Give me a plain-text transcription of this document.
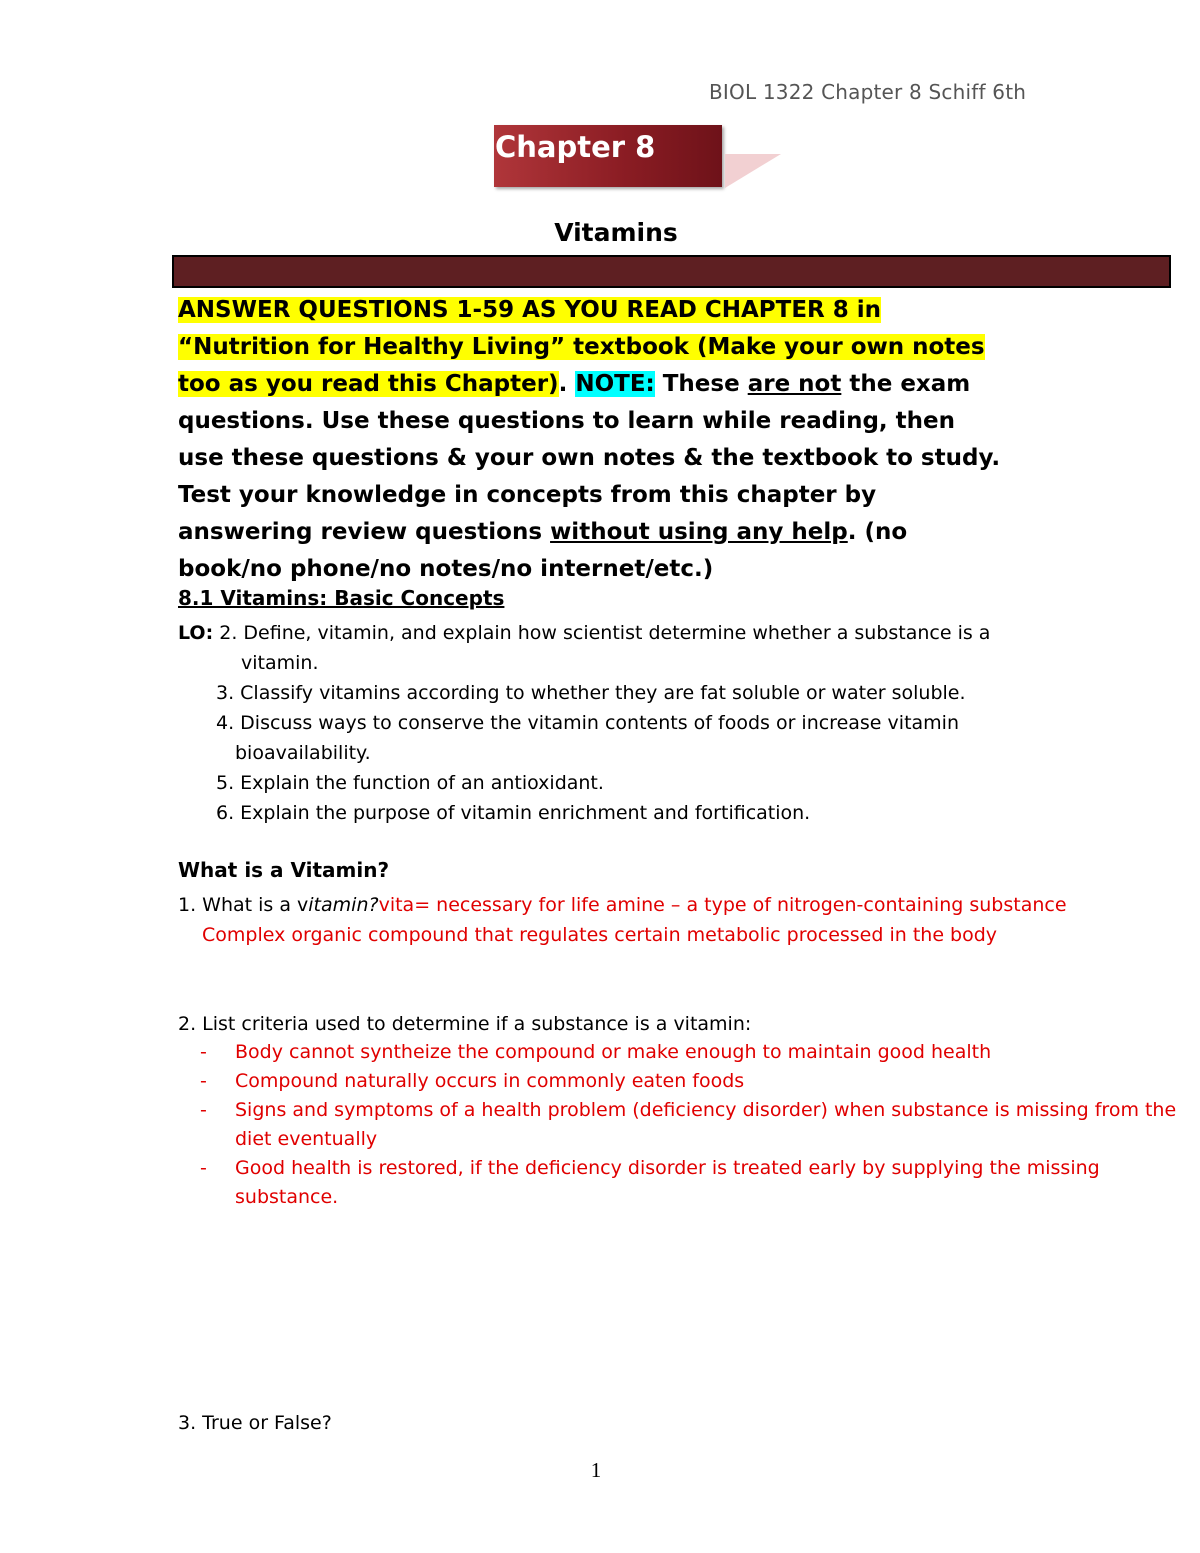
BIOL 1322 Chapter 8 Schiff 6th
Chapter 8
Vitamins
ANSWER QUESTIONS 1-59 AS YOU READ CHAPTER 8 in “Nutrition for Healthy Living” textbook (Make your own notes too as you read this Chapter). NOTE: These are not the exam questions. Use these questions to learn while reading, then use these questions & your own notes & the textbook to study. Test your knowledge in concepts from this chapter by answering review questions without using any help. (no book/no phone/no notes/no internet/etc.)
8.1 Vitamins: Basic Concepts
LO: 2. Define, vitamin, and explain how scientist determine whether a substance is a
vitamin.
3. Classify vitamins according to whether they are fat soluble or water soluble.
4. Discuss ways to conserve the vitamin contents of foods or increase vitamin
bioavailability.
5. Explain the function of an antioxidant.
6. Explain the purpose of vitamin enrichment and fortification.
What is a Vitamin?
1. What is a vitamin?vita= necessary for life amine – a type of nitrogen-containing substance
Complex organic compound that regulates certain metabolic processed in the body
2. List criteria used to determine if a substance is a vitamin:
- Body cannot syntheize the compound or make enough to maintain good health
- Compound naturally occurs in commonly eaten foods
- Signs and symptoms of a health problem (deficiency disorder) when substance is missing from the diet eventually
- Good health is restored, if the deficiency disorder is treated early by supplying the missing substance.
3. True or False?
1
